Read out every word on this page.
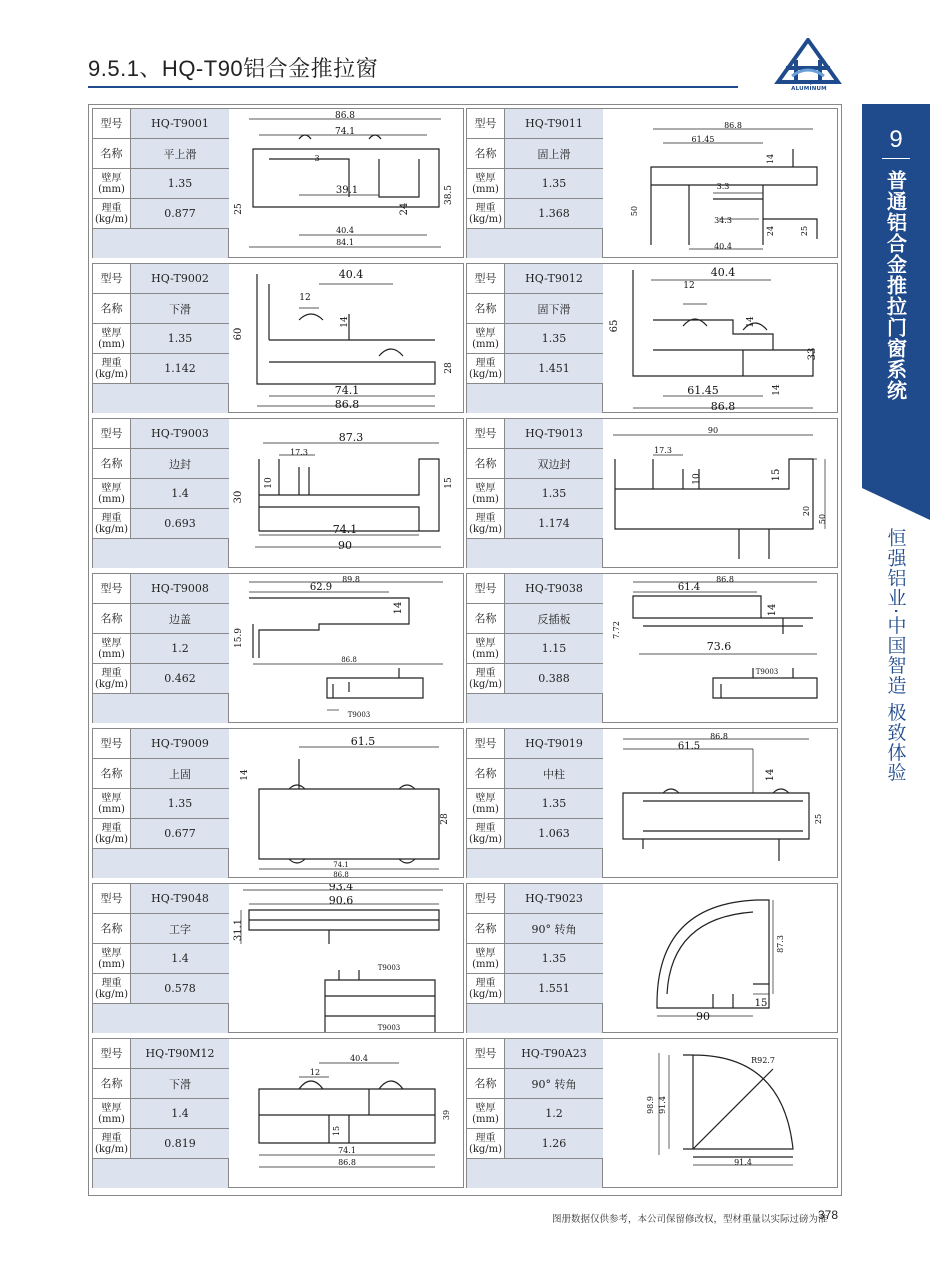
9.5.1、HQ-T90铝合金推拉窗
HENGQIANG ALUMINUM
9
普通铝合金推拉门窗系统
恒强铝业·中国智造 极致体验
型号	HQ-T9001
名称	平上滑
壁厚
(mm)	1.35
理重
(kg/m)	0.877
86.8
74.1
3
39.1
25	24
38.5
40.4
84.1
型号	HQ-T9011
名称	固上滑
壁厚
(mm)	1.35
理重
(kg/m)	1.368
86.8
61.45
14
3.3
50
34.3
24	25
40.4
型号	HQ-T9002
名称	下滑
壁厚
(mm)	1.35
理重
(kg/m)	1.142
40.4
12
60
14
28
74.1
86.8
型号	HQ-T9012
名称	固下滑
壁厚
(mm)	1.35
理重
(kg/m)	1.451
40.4
12
65	14
33
14
61.45
86.8
型号	HQ-T9003
名称	边封
壁厚
(mm)	1.4
理重
(kg/m)	0.693
87.3
17.3
10	15
30
74.1
90
型号	HQ-T9013
名称	双边封
壁厚
(mm)	1.35
理重
(kg/m)	1.174
90
17.3
10	15
20
50
型号	HQ-T9008
名称	边盖
壁厚
(mm)	1.2
理重
(kg/m)	0.462
89.8
62.9
14
15.9
86.8
T9003
型号	HQ-T9038
名称	反插板
壁厚
(mm)	1.15
理重
(kg/m)	0.388
86.8
61.4
14
7.72
73.6
T9003
型号	HQ-T9009
名称	上固
壁厚
(mm)	1.35
理重
(kg/m)	0.677
61.5
14
28
74.1
86.8
型号	HQ-T9019
名称	中柱
壁厚
(mm)	1.35
理重
(kg/m)	1.063
86.8
61.5
14
25
型号	HQ-T9048
名称	工字
壁厚
(mm)	1.4
理重
(kg/m)	0.578
93.4
90.6
31.1
T9003
T9003
型号	HQ-T9023
名称	90° 转角
壁厚
(mm)	1.35
理重
(kg/m)	1.551
87.3
15
90
型号	HQ-T90M12
名称	下滑
壁厚
(mm)	1.4
理重
(kg/m)	0.819
40.4
12
15
39
74.1
86.8
型号	HQ-T90A23
名称	90° 转角
壁厚
(mm)	1.2
理重
(kg/m)	1.26
R92.7
98.9 91.4
91.4
图册数据仅供参考，本公司保留修改权，型材重量以实际过磅为准
378
